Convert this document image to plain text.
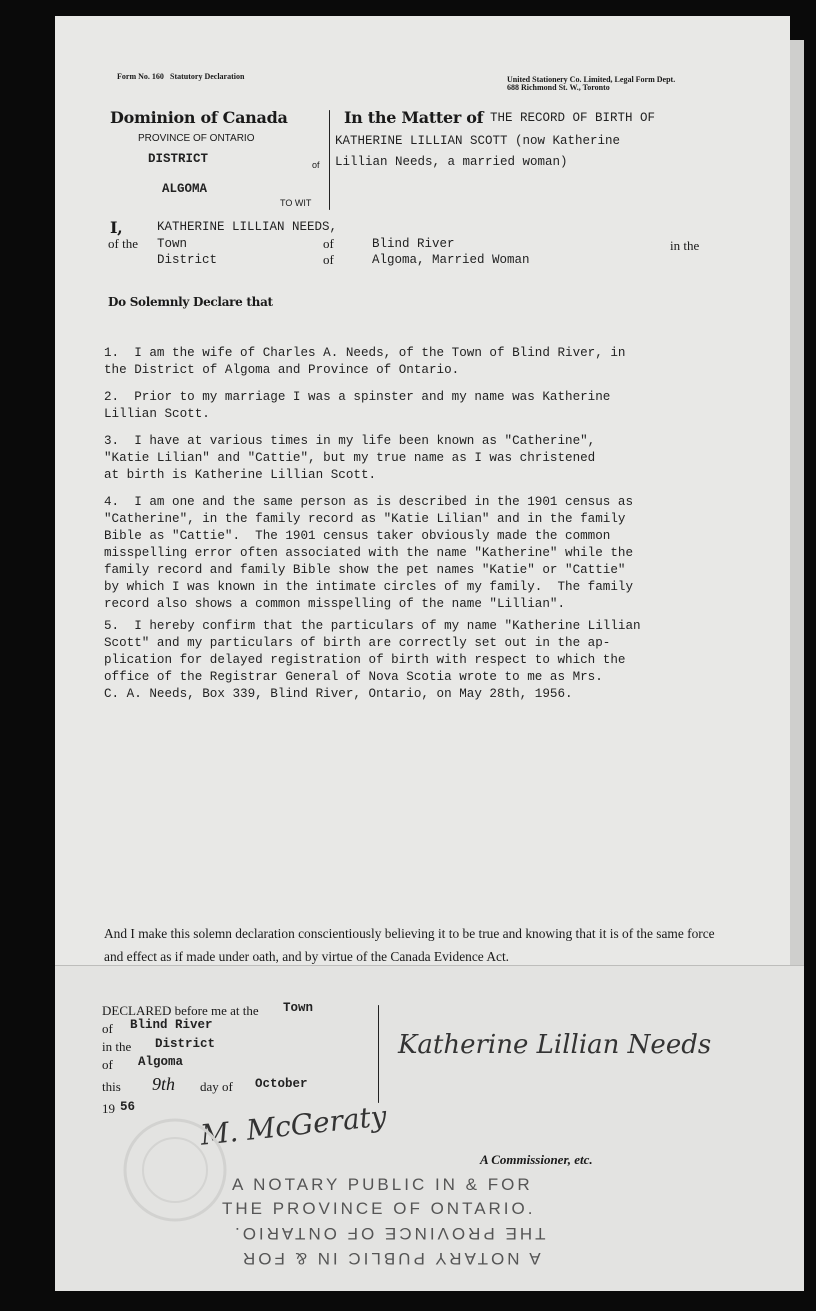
Form No. 160 Statutory Declaration	United Stationery Co. Limited, Legal Form Dept.
688 Richmond St. W., Toronto
Dominion of Canada
PROVINCE OF ONTARIO
DISTRICT	of
ALGOMA
TO WIT
In the Matter of THE RECORD OF BIRTH OF
KATHERINE LILLIAN SCOTT (now Katherine
Lillian Needs, a married woman)
I,	KATHERINE LILLIAN NEEDS,
of the Town	of	Blind River	in the
District	of	Algoma, Married Woman
Do Solemnly Declare that
1.  I am the wife of Charles A. Needs, of the Town of Blind River, in
the District of Algoma and Province of Ontario.
2.  Prior to my marriage I was a spinster and my name was Katherine
Lillian Scott.
3.  I have at various times in my life been known as "Catherine",
"Katie Lilian" and "Cattie", but my true name as I was christened
at birth is Katherine Lillian Scott.
4.  I am one and the same person as is described in the 1901 census as
"Catherine", in the family record as "Katie Lilian" and in the family
Bible as "Cattie".  The 1901 census taker obviously made the common
misspelling error often associated with the name "Katherine" while the
family record and family Bible show the pet names "Katie" or "Cattie"
by which I was known in the intimate circles of my family.  The family
record also shows a common misspelling of the name "Lillian".
5.  I hereby confirm that the particulars of my name "Katherine Lillian
Scott" and my particulars of birth are correctly set out in the ap-
plication for delayed registration of birth with respect to which the
office of the Registrar General of Nova Scotia wrote to me as Mrs.
C. A. Needs, Box 339, Blind River, Ontario, on May 28th, 1956.
And I make this solemn declaration conscientiously believing it to be true and knowing that it is of the same force and effect as if made under oath, and by virtue of the Canada Evidence Act.
DECLARED before me at the Town
of Blind River
in the District
of Algoma
this 9th day of October
19 56
Katherine Lillian Needs
M. McGeraty
A Commissioner, etc.
A NOTARY PUBLIC IN & FOR
THE PROVINCE OF ONTARIO.
THE PROVINCE OF ONTARIO.
A NOTARY PUBLIC IN & FOR
